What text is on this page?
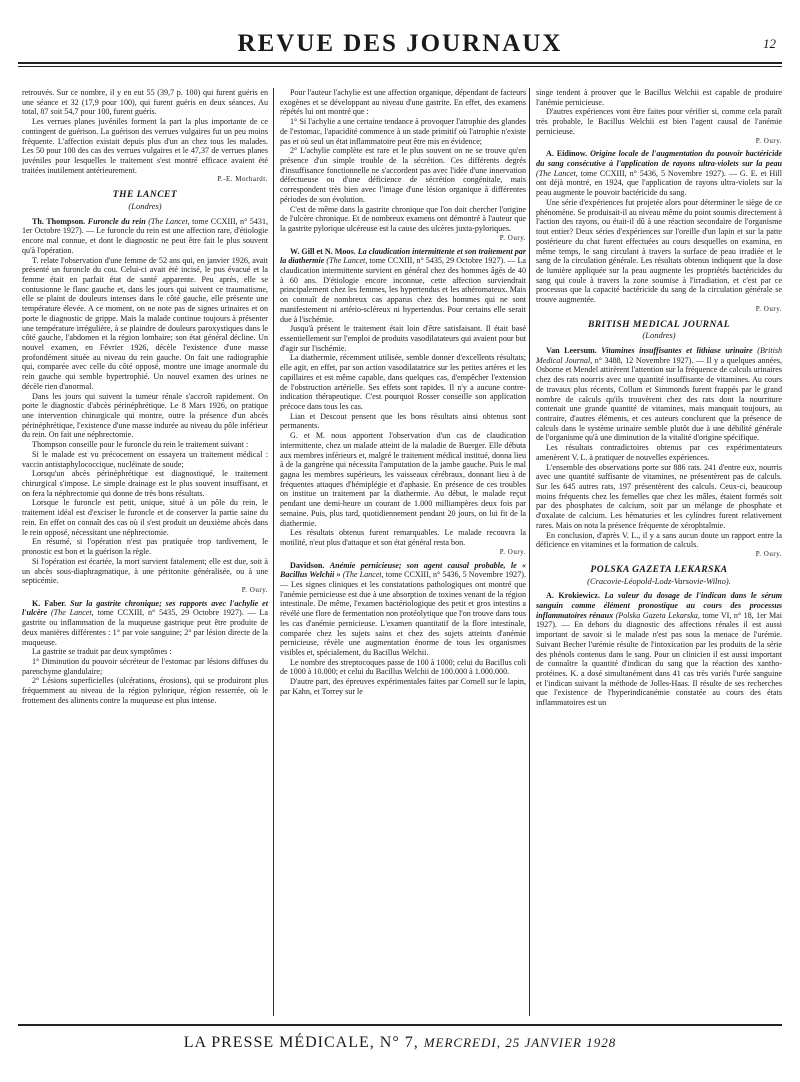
REVUE DES JOURNAUX	12

retrouvés. Sur ce nombre, il y en eut 55 (39,7 p. 100) qui furent guéris en une séance et 32 (17,9 pour 100), qui furent guéris en deux séances. Au total, 87 soit 54,7 pour 100, furent guéris.

Les verrues planes juvéniles forment la part la plus importante de ce contingent de guérison. La guérison des verrues vulgaires fut un peu moins fréquente. L'affection existait depuis plus d'un an chez tous les malades. Les 50 pour 100 des cas des verrues vulgaires et le 47,37 de verrues planes juvéniles pour lesquelles le traitement s'est montré efficace avaient été traitées inutilement antérieurement.

P.-E. Morhardt.
THE LANCET
(Londres)

Th. Thompson. Furoncle du rein (The Lancet, tome CCXIII, n° 5431, 1er Octobre 1927). — Le furoncle du rein est une affection rare, d'étiologie encore mal connue, et dont le diagnostic ne peut être fait le plus souvent qu'à l'opération.

T. relate l'observation d'une femme de 52 ans qui, en janvier 1926, avait présenté un furoncle du cou. Celui-ci avait été incisé, le pus évacué et la femme était en parfait état de santé apparente. Peu après, elle se contusionne le flanc gauche et, dans les jours qui suivent ce traumatisme, elle se plaint de douleurs intenses dans le côté gauche, elle présente une température élevée. A ce moment, on ne note pas de signes urinaires et on porte le diagnostic de grippe. Mais la malade continue toujours à présenter une température irrégulière, à se plaindre de douleurs paroxystiques dans le côté gauche, l'abdomen et la région lombaire; son état général décline. Un nouvel examen, en Février 1926, décèle l'existence d'une masse profondément située au niveau du rein gauche. On fait une radiographie qui, comparée avec celle du côté opposé, montre une image anormale du rein gauche qui semble hypertrophié. Un nouvel examen des urines ne décèle rien d'anormal.

Dans les jours qui suivent la tumeur rénale s'accroît rapidement. On porte le diagnostic d'abcès périnéphrétique. Le 8 Mars 1926, on pratique une intervention chirurgicale qui montre, outre la présence d'un abcès périnéphrétique, l'existence d'une masse indurée au niveau du pôle inférieur du rein. On fait une néphrectomie.

Thompson conseille pour le furoncle du rein le traitement suivant :

Si le malade est vu précocement on essayera un traitement médical : vaccin antistaphylococcique, nucléinate de soude;

Lorsqu'un abcès périnéphrétique est diagnostiqué, le traitement chirurgical s'impose. Le simple drainage est le plus souvent insuffisant, et on fera la néphrectomie qui donne de très bons résultats.

Lorsque le furoncle est petit, unique, situé à un pôle du rein, le traitement idéal est d'exciser le furoncle et de conserver la partie saine du rein. En effet on connaît des cas où il s'est produit un deuxième abcès dans le rein opposé, nécessitant une néphrectomie.

En résumé, si l'opération n'est pas pratiquée trop tardivement, le pronostic est bon et la guérison la règle.

Si l'opération est écartée, la mort survient fatalement; elle est due, soit à un abcès sous-diaphragmatique, à une péritonite généralisée, ou à une septicémie.

P. Oury.

K. Faber. Sur la gastrite chronique; ses rapports avec l'achylie et l'ulcère (The Lancet, tome CCXIII, n° 5435, 29 Octobre 1927). — La gastrite ou inflammation de la muqueuse gastrique peut être produite de deux manières différentes : 1° par voie sanguine; 2° par lésion directe de la muqueuse.

La gastrite se traduit par deux symptômes :

1° Diminution du pouvoir sécréteur de l'estomac par lésions diffuses du parenchyme glandulaire;

2° Lésions superficielles (ulcérations, érosions), qui se produiront plus fréquemment au niveau de la région pylorique, région resserrée, où le frottement des aliments contre la muqueuse est plus intense.

Pour l'auteur l'achylie est une affection organique, dépendant de facteurs exogènes et se développant au niveau d'une gastrite. En effet, des examens répétés lui ont montré que :

1° Si l'achylie a une certaine tendance à provoquer l'atrophie des glandes de l'estomac, l'apacidité commence à un stade primitif où l'atrophie n'existe pas et où seul un état inflammatoire peut être mis en évidence;

2° L'achylie complète est rare et le plus souvent on ne se trouve qu'en présence d'un simple trouble de la sécrétion. Ces différents degrés d'insuffisance fonctionnelle ne s'accordent pas avec l'idée d'une innervation défectueuse ou d'une déficience de sécrétion congénitale, mais correspondent très bien avec l'image d'une lésion organique à différentes périodes de son évolution.

C'est de même dans la gastrite chronique que l'on doit chercher l'origine de l'ulcère chronique. Et de nombreux examens ont démontré à l'auteur que la gastrite pylorique ulcéreuse est la cause des ulcères juxta-pyloriques.

P. Oury.

W. Gill et N. Moos. La claudication intermittente et son traitement par la diathermie (The Lancet, tome CCXIII, n° 5435, 29 Octobre 1927). — La claudication intermittente survient en général chez des hommes âgés de 40 à 60 ans. D'étiologie encore inconnue, cette affection surviendrait principalement chez les femmes, les hypertendus et les athéromateux. Mais on connaît de nombreux cas apparus chez des hommes qui ne sont manifestement ni artério-scléreux ni hypertendus. Pour certains elle serait due à l'ischémie.

Jusqu'à présent le traitement était loin d'être satisfaisant. Il était basé essentiellement sur l'emploi de produits vasodilatateurs qui avaient pour but d'agir sur l'ischémie.

La diathermie, récemment utilisée, semble donner d'excellents résultats; elle agit, en effet, par son action vasodilatatrice sur les petites artères et les capillaires et est même capable, dans quelques cas, d'empêcher l'extension de l'obstruction artérielle. Ses effets sont rapides. Il n'y a aucune contre-indication thérapeutique. C'est pourquoi Rosser conseille son application précoce dans tous les cas.

Lian et Descout pensent que les bons résultats ainsi obtenus sont permanents.

G. et M. nous apportent l'observation d'un cas de claudication intermittente, chez un malade atteint de la maladie de Buerger. Elle débuta aux membres inférieurs et, malgré le traitement médical institué, donna lieu à de la gangrène qui nécessita l'amputation de la jambe gauche. Puis le mal gagna les membres supérieurs, les vaisseaux cérébraux, donnant lieu à de fréquentes attaques d'hémiplégie et d'aphasie. En présence de ces troubles on institue un traitement par la diathermie. Au début, le malade reçut pendant une demi-heure un courant de 1.000 milliampères deux fois par semaine. Puis, plus tard, quotidiennement pendant 20 jours, on lui fit de la diathermie.

Les résultats obtenus furent remarquables. Le malade recouvra la motilité, n'eut plus d'attaque et son état général resta bon.

P. Oury.

Davidson. Anémie pernicieuse; son agent causal probable, le « Bacillus Welchii » (The Lancet, tome CCXIII, n° 5436, 5 Novembre 1927). — Les signes cliniques et les constatations pathologiques ont montré que l'anémie pernicieuse est due à une absorption de toxines venant de la région intestinale. De même, l'examen bactériologique des petit et gros intestins a révélé une flore de fermentation non protéolytique que l'on trouve dans tous les cas d'anémie pernicieuse. L'examen quantitatif de la flore intestinale, comparée chez les sujets sains et chez des sujets atteints d'anémie pernicieuse, révèle une augmentation énorme de tous les organismes visibles et, spécialement, du Bacillus Welchii.

Le nombre des streptocoques passe de 100 à 1000; celui du Bacillus coli de 1000 à 10.000; et celui du Bacillus Welchii de 100.000 à 1.000.000.

D'autre part, des épreuves expérimentales faites par Cornell sur le lapin, par Kahn, et Torrey sur le

singe tendent à prouver que le Bacillus Welchii est capable de produire l'anémie pernicieuse.

D'autres expériences vont être faites pour vérifier si, comme cela paraît très probable, le Bacillus Welchii est bien l'agent causal de l'anémie pernicieuse.

P. Oury.

A. Eidinow. Origine locale de l'augmentation du pouvoir bactéricide du sang consécutive à l'application de rayons ultra-violets sur la peau (The Lancet, tome CCXIII, n° 5436, 5 Novembre 1927). — G. E. et Hill ont déjà montré, en 1924, que l'application de rayons ultra-violets sur la peau augmente le pouvoir bactéricide du sang.

Une série d'expériences fut projetée alors pour déterminer le siège de ce phénomène. Se produisait-il au niveau même du point soumis directement à l'action des rayons, ou était-il dû à une réaction secondaire de l'organisme tout entier? Deux séries d'expériences sur l'oreille d'un lapin et sur la patte postérieure du chat furent effectuées au cours desquelles on examina, en même temps, le sang circulant à travers la surface de peau irradiée et le sang de la circulation générale. Les résultats obtenus indiquent que la dose de lumière appliquée sur la peau augmente les propriétés bactéricides du sang qui coule à travers la zone soumise à l'irradiation, et c'est par ce processus que la capacité bactéricide du sang de la circulation générale se trouve augmentée.

P. Oury.
BRITISH MEDICAL JOURNAL
(Londres)

Van Leersum. Vitamines insuffisantes et lithiase urinaire (British Medical Journal, n° 3488, 12 Novembre 1927). — Il y a quelques années, Osborne et Mendel attirèrent l'attention sur la fréquence de calculs urinaires chez des rats nourris avec une quantité insuffisante de vitamines. Au cours de travaux plus récents, Collum et Simmonds furent frappés par le grand nombre de calculs qu'ils trouvèrent chez des rats dont la nourriture contenait une grande quantité de vitamines, mais manquait toujours, au contraire, d'autres éléments, et ces auteurs conclurent que la présence de calculs dans le système urinaire semble plutôt due à une débilité générale de l'organisme qu'à une diminution de la vitalité d'origine spécifique.

Les résultats contradictoires obtenus par ces expérimentateurs amenèrent V. L. à pratiquer de nouvelles expériences.

L'ensemble des observations porte sur 886 rats. 241 d'entre eux, nourris avec une quantité suffisante de vitamines, ne présentèrent pas de calculs. Sur les 645 autres rats, 197 présentèrent des calculs. Ceux-ci, beaucoup moins fréquents chez les femelles que chez les mâles, étaient formés soit par des phosphates de calcium, soit par un mélange de phosphate et d'oxalate de calcium. Les hématuries et les cylindres furent relativement rares. Mais on nota la présence fréquente de xérophtalmie.

En conclusion, d'après V. L., il y a sans aucun doute un rapport entre la déficience en vitamines et la formation de calculs.

P. Oury.
POLSKA GAZETA LEKARSKA
(Cracovie-Léopold-Lodz-Varsovie-Wilno).

A. Krokiewicz. La valeur du dosage de l'indican dans le sérum sanguin comme élément pronostique au cours des processus inflammatoires rénaux (Polska Gazeta Lekarska, tome VI, n° 18, 1er Mai 1927). — En dehors du diagnostic des affections rénales il est aussi important de savoir si le malade n'est pas sous la menace de l'urémie. Suivant Becher l'urémie résulte de l'intoxication par les produits de la série des phénols contenus dans le sang. Pour un clinicien il est aussi important de connaître la quantité d'indican du sang que la réaction des xantho-protéines. K. a dosé simultanément dans 41 cas très variés l'urée sanguine et l'indican suivant la méthode de Jolles-Haas. Il résulte de ses recherches que l'existence de l'hyperindicanémie constatée au cours des états inflammatoires est un

LA PRESSE MÉDICALE, N° 7, MERCREDI, 25 JANVIER 1928
